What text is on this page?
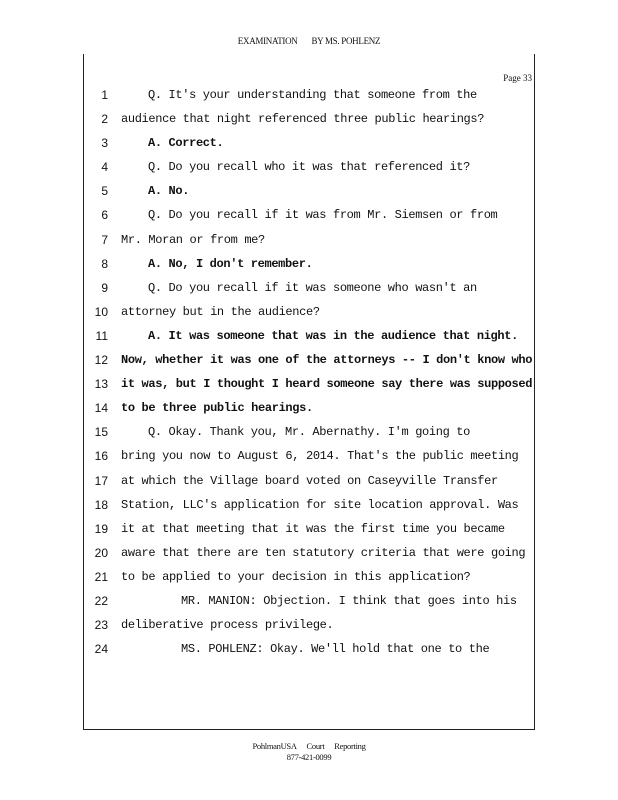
EXAMINATION BY MS. POHLENZ
Page 33
1
2
3
4
5
6
7
8
9
10
11
12
13
14
15
16
17
18
19
20
21
22
23
24
Q. It's your understanding that someone from the
audience that night referenced three public hearings?
A. Correct.
Q. Do you recall who it was that referenced it?
A. No.
Q. Do you recall if it was from Mr. Siemsen or from
Mr. Moran or from me?
A. No, I don't remember.
Q. Do you recall if it was someone who wasn't an
attorney but in the audience?
A. It was someone that was in the audience that night.
Now, whether it was one of the attorneys -- I don't know who
it was, but I thought I heard someone say there was supposed
to be three public hearings.
Q. Okay. Thank you, Mr. Abernathy. I'm going to
bring you now to August 6, 2014. That's the public meeting
at which the Village board voted on Caseyville Transfer
Station, LLC's application for site location approval. Was
it at that meeting that it was the first time you became
aware that there are ten statutory criteria that were going
to be applied to your decision in this application?
MR. MANION: Objection. I think that goes into his
deliberative process privilege.
MS. POHLENZ: Okay. We'll hold that one to the
PohlmanUSA Court Reporting
877-421-0099
